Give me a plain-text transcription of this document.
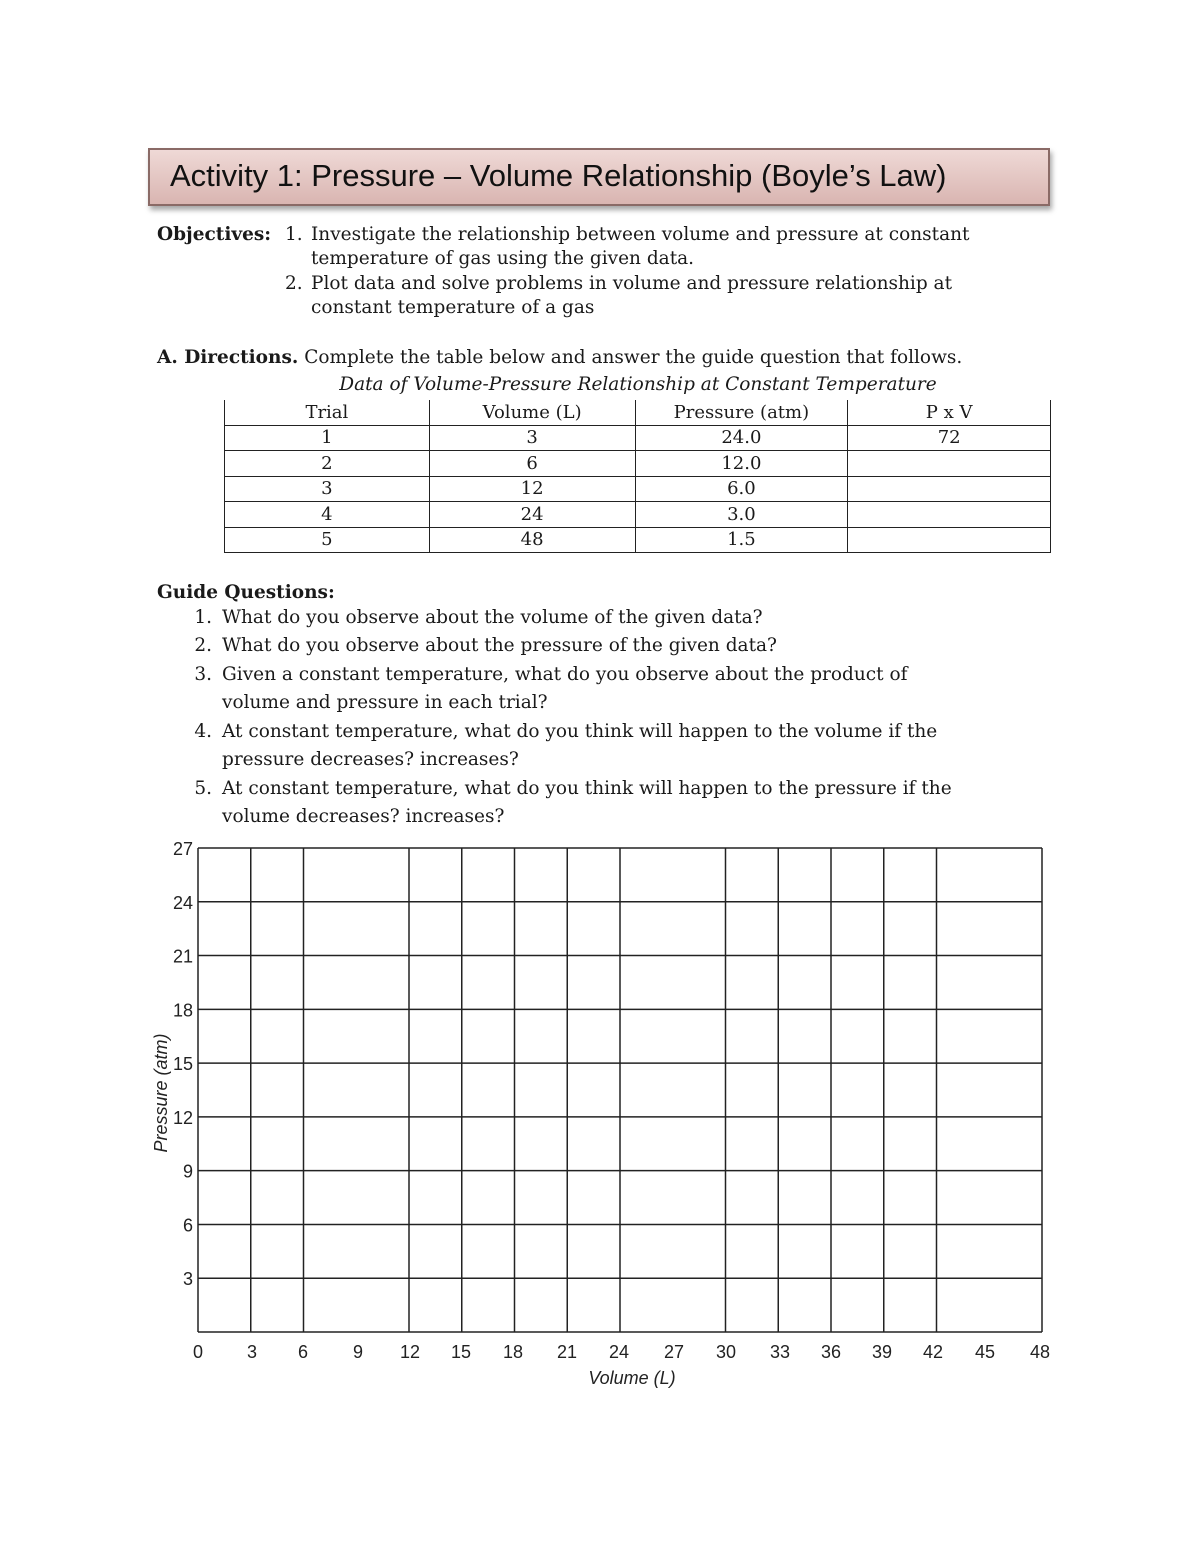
Activity 1: Pressure – Volume Relationship (Boyle’s Law)
Objectives: 1. Investigate the relationship between volume and pressure at constant
temperature of gas using the given data.
2. Plot data and solve problems in volume and pressure relationship at
constant temperature of a gas
A. Directions. Complete the table below and answer the guide question that follows.
Data of Volume-Pressure Relationship at Constant Temperature
Trial	Volume (L)	Pressure (atm)	P x V
1	3	24.0	72
2	6	12.0	
3	12	6.0	
4	24	3.0	
5	48	1.5	
Guide Questions:
1. What do you observe about the volume of the given data?
2. What do you observe about the pressure of the given data?
3. Given a constant temperature, what do you observe about the product of
volume and pressure in each trial?
4. At constant temperature, what do you think will happen to the volume if the
pressure decreases? increases?
5. At constant temperature, what do you think will happen to the pressure if the
volume decreases? increases?
0 3 6 9 12 15 18 21 24 27 30 33 36 39 42 45 48
3
6
9
12
15
18
21
24
27
Volume (L)
Pressure (atm)
